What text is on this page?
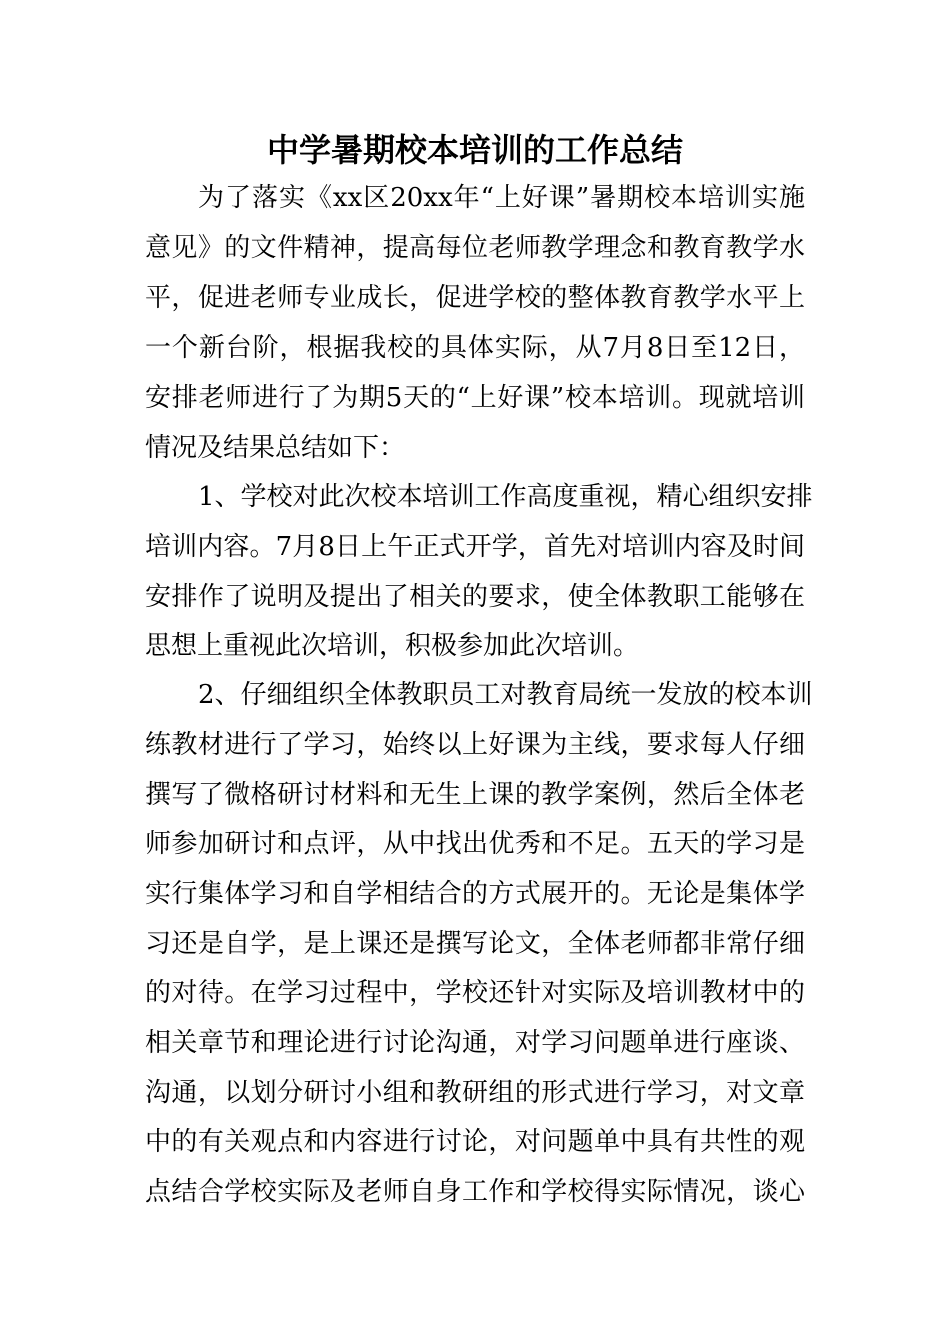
中学暑期校本培训的工作总结

为了落实《xx区20xx年“上好课”暑期校本培训实施

意见》的文件精神，提高每位老师教学理念和教育教学水

平，促进老师专业成长，促进学校的整体教育教学水平上

一个新台阶，根据我校的具体实际，从7月8日至12日，

安排老师进行了为期5天的“上好课”校本培训。现就培训

情况及结果总结如下：

1、学校对此次校本培训工作高度重视，精心组织安排

培训内容。7月8日上午正式开学，首先对培训内容及时间

安排作了说明及提出了相关的要求，使全体教职工能够在

思想上重视此次培训，积极参加此次培训。

2、仔细组织全体教职员工对教育局统一发放的校本训

练教材进行了学习，始终以上好课为主线，要求每人仔细

撰写了微格研讨材料和无生上课的教学案例，然后全体老

师参加研讨和点评，从中找出优秀和不足。五天的学习是

实行集体学习和自学相结合的方式展开的。无论是集体学

习还是自学，是上课还是撰写论文，全体老师都非常仔细

的对待。在学习过程中，学校还针对实际及培训教材中的

相关章节和理论进行讨论沟通，对学习问题单进行座谈、

沟通，以划分研讨小组和教研组的形式进行学习，对文章

中的有关观点和内容进行讨论，对问题单中具有共性的观

点结合学校实际及老师自身工作和学校得实际情况，谈心
